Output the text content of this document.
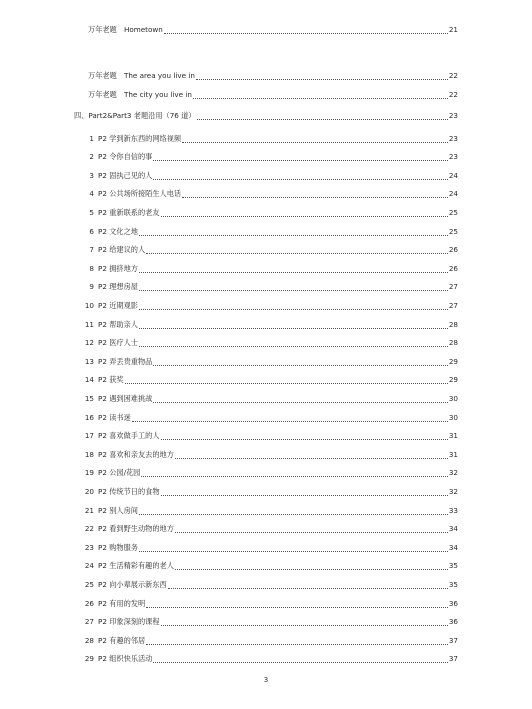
万年老题　Hometown	21
万年老题　The area you live in	22
万年老题　The city you live in	22
四、Part2&Part3 老题沿用（76 道）	23
1 P2 学到新东西的网络视频	23
2 P2 令你自信的事	23
3 P2 固执己见的人	24
4 P2 公共场所接陌生人电话	24
5 P2 重新联系的老友	25
6 P2 文化之地	25
7 P2 给建议的人	26
8 P2 拥挤地方	26
9 P2 理想房屋	27
10 P2 近期观影	27
11 P2 帮助亲人	28
12 P2 医疗人士	28
13 P2 弄丢贵重物品	29
14 P2 获奖	29
15 P2 遇到困难挑战	30
16 P2 读书迷	30
17 P2 喜欢做手工的人	31
18 P2 喜欢和亲友去的地方	31
19 P2 公园/花园	32
20 P2 传统节日的食物	32
21 P2 别人房间	33
22 P2 看到野生动物的地方	34
23 P2 购物服务	34
24 P2 生活精彩有趣的老人	35
25 P2 向小辈展示新东西	35
26 P2 有用的发明	36
27 P2 印象深刻的课程	36
28 P2 有趣的邻居	37
29 P2 组织快乐活动	37
3
